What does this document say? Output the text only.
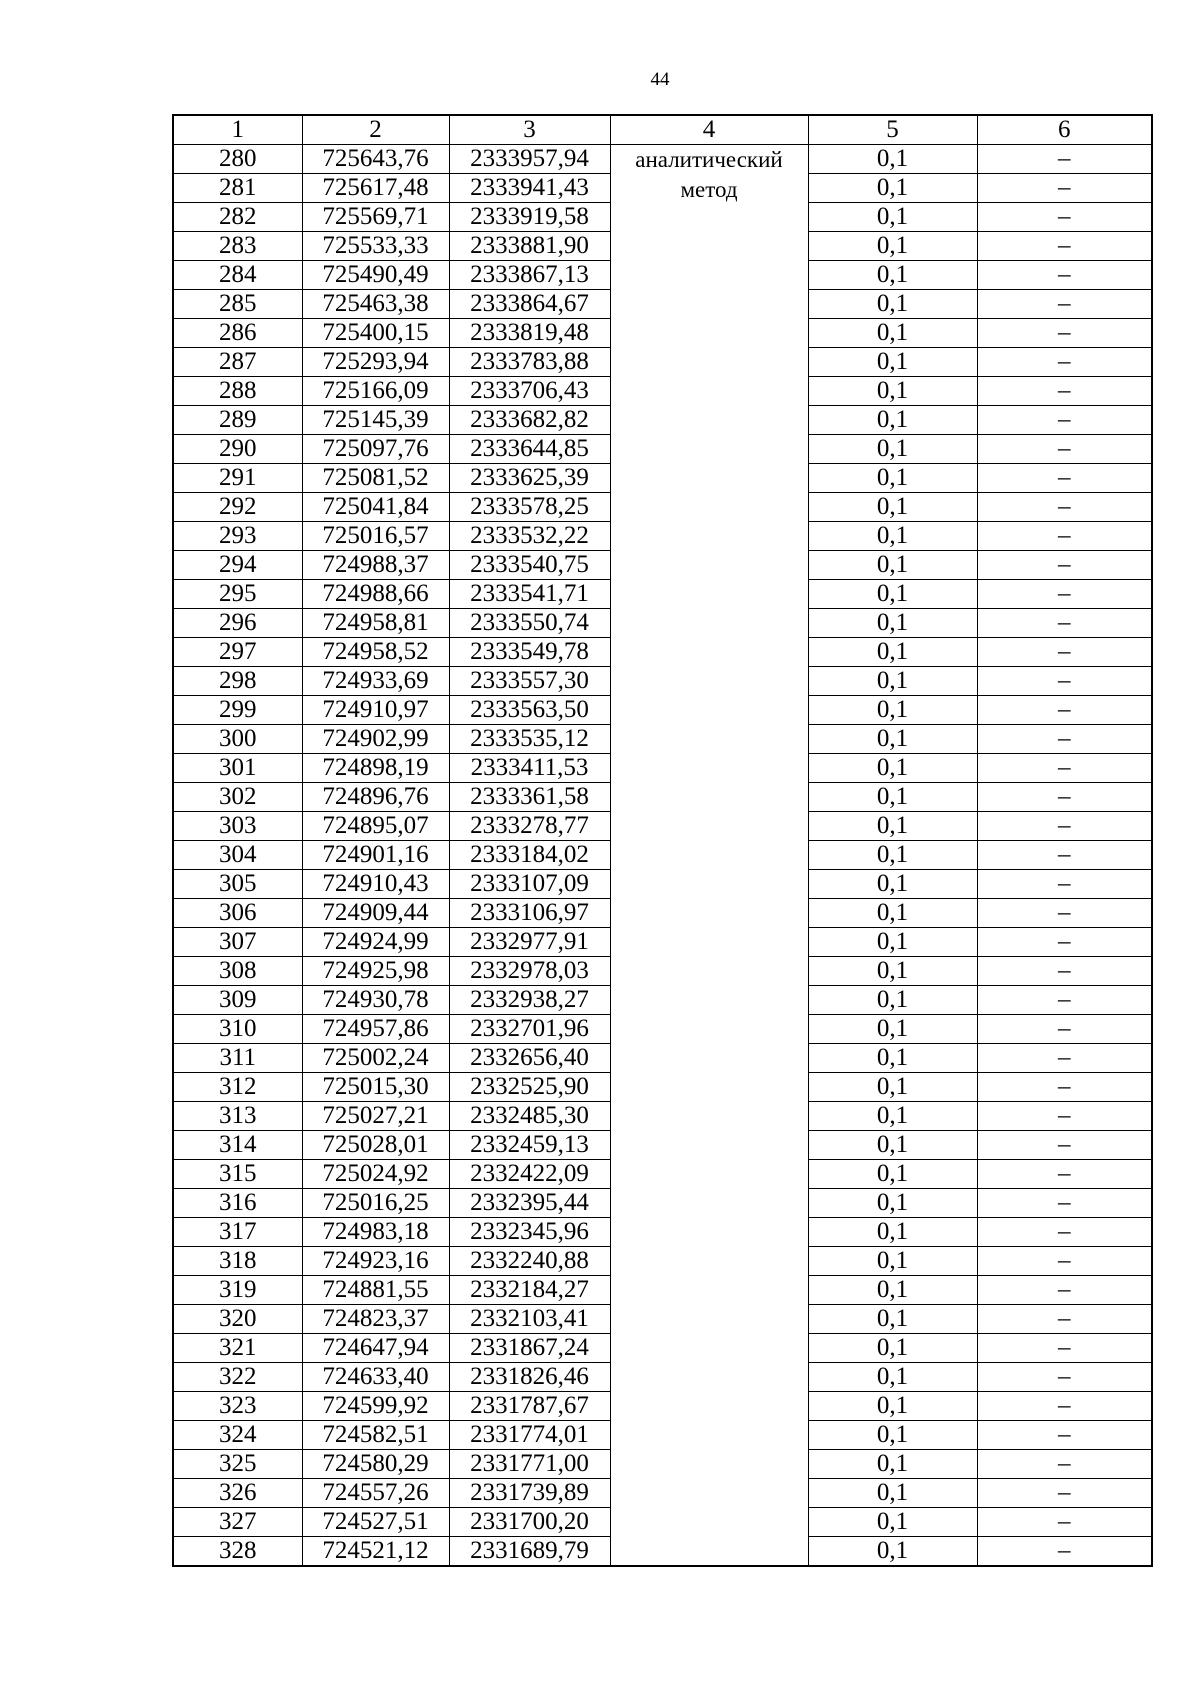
44
1	2	3	4	5	6
280	725643,76	2333957,94	аналитический метод	0,1	–
281	725617,48	2333941,43		0,1	–
282	725569,71	2333919,58		0,1	–
283	725533,33	2333881,90		0,1	–
284	725490,49	2333867,13		0,1	–
285	725463,38	2333864,67		0,1	–
286	725400,15	2333819,48		0,1	–
287	725293,94	2333783,88		0,1	–
288	725166,09	2333706,43		0,1	–
289	725145,39	2333682,82		0,1	–
290	725097,76	2333644,85		0,1	–
291	725081,52	2333625,39		0,1	–
292	725041,84	2333578,25		0,1	–
293	725016,57	2333532,22		0,1	–
294	724988,37	2333540,75		0,1	–
295	724988,66	2333541,71		0,1	–
296	724958,81	2333550,74		0,1	–
297	724958,52	2333549,78		0,1	–
298	724933,69	2333557,30		0,1	–
299	724910,97	2333563,50		0,1	–
300	724902,99	2333535,12		0,1	–
301	724898,19	2333411,53		0,1	–
302	724896,76	2333361,58		0,1	–
303	724895,07	2333278,77		0,1	–
304	724901,16	2333184,02		0,1	–
305	724910,43	2333107,09		0,1	–
306	724909,44	2333106,97		0,1	–
307	724924,99	2332977,91		0,1	–
308	724925,98	2332978,03		0,1	–
309	724930,78	2332938,27		0,1	–
310	724957,86	2332701,96		0,1	–
311	725002,24	2332656,40		0,1	–
312	725015,30	2332525,90		0,1	–
313	725027,21	2332485,30		0,1	–
314	725028,01	2332459,13		0,1	–
315	725024,92	2332422,09		0,1	–
316	725016,25	2332395,44		0,1	–
317	724983,18	2332345,96		0,1	–
318	724923,16	2332240,88		0,1	–
319	724881,55	2332184,27		0,1	–
320	724823,37	2332103,41		0,1	–
321	724647,94	2331867,24		0,1	–
322	724633,40	2331826,46		0,1	–
323	724599,92	2331787,67		0,1	–
324	724582,51	2331774,01		0,1	–
325	724580,29	2331771,00		0,1	–
326	724557,26	2331739,89		0,1	–
327	724527,51	2331700,20		0,1	–
328	724521,12	2331689,79		0,1	–
